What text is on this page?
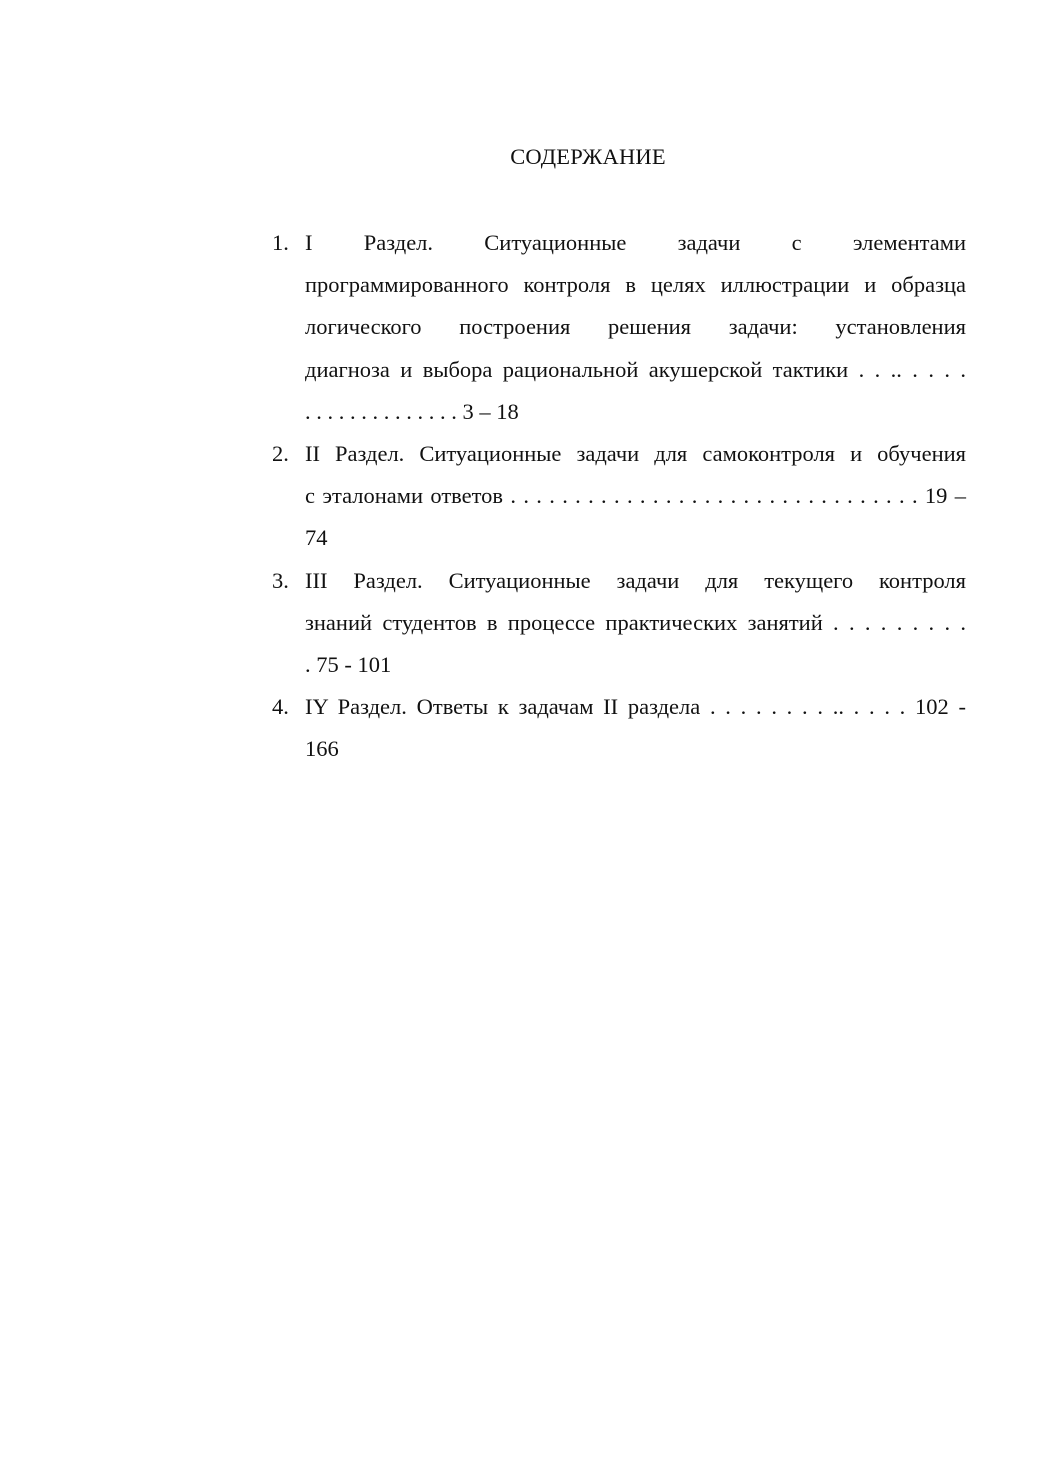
СОДЕРЖАНИЕ
1. I Раздел. Ситуационные задачи с элементами
программированного контроля в целях иллюстрации и образца
логического построения решения задачи: установления
диагноза и выбора рациональной акушерской тактики . . .. . . . .
. . . . . . . . . . . . . . 3 – 18
2. II Раздел. Ситуационные задачи для самоконтроля и обучения
с эталонами ответов . . . . . . . . . . . . . . . . . . . . . . . . . . . . . . . . 19 –
74
3. III Раздел. Ситуационные задачи для текущего контроля
знаний студентов в процессе практических занятий . . . . . . . . .
. 75 - 101
4. IY Раздел. Ответы к задачам II раздела . . . . . . . . .. . . . . 102 -
166
